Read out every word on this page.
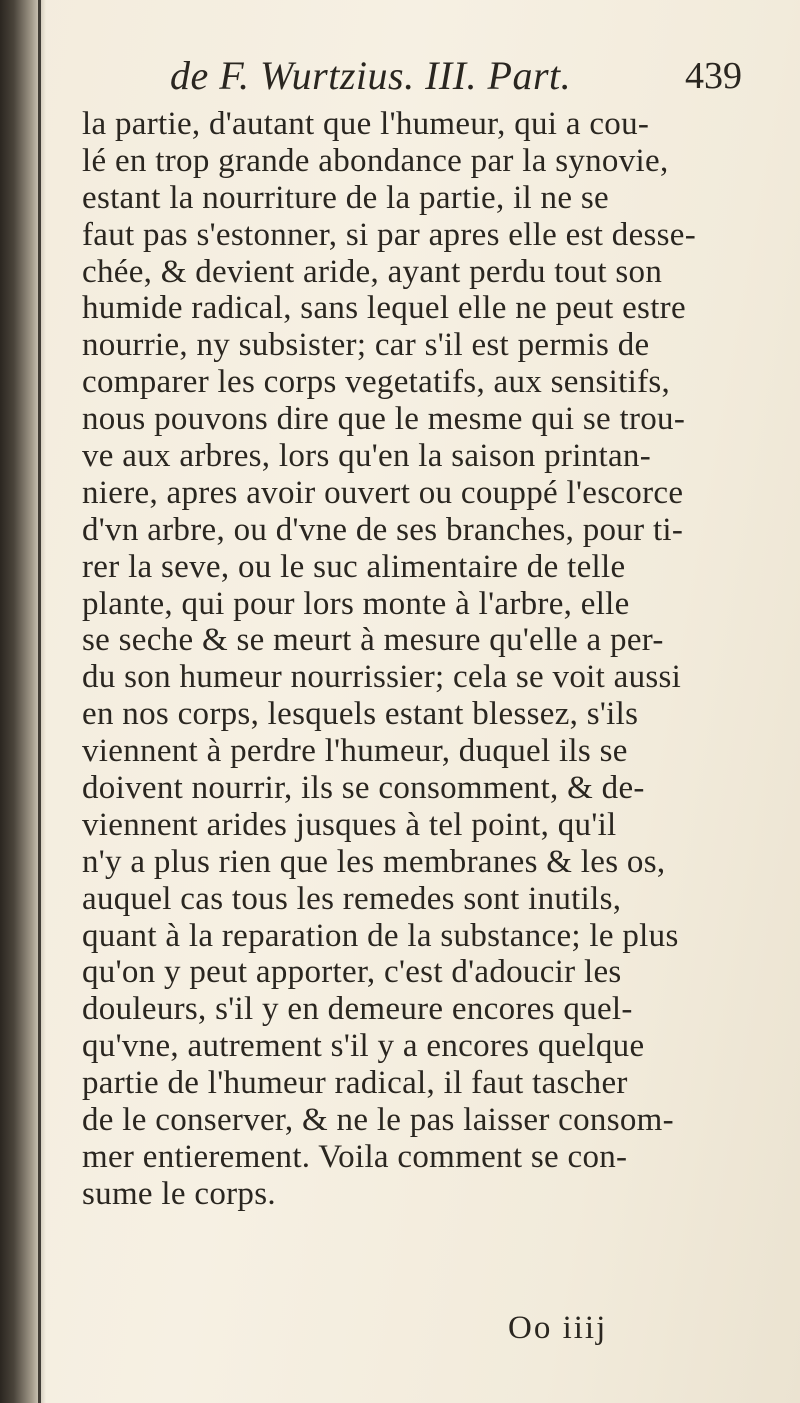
de F. Wurtzius. III. Part.	439
la partie, d'autant que l'humeur, qui a cou-
lé en trop grande abondance par la synovie,
estant la nourriture de la partie, il ne se
faut pas s'estonner, si par apres elle est desse-
chée, & devient aride, ayant perdu tout son
humide radical, sans lequel elle ne peut estre
nourrie, ny subsister; car s'il est permis de
comparer les corps vegetatifs, aux sensitifs,
nous pouvons dire que le mesme qui se trou-
ve aux arbres, lors qu'en la saison printan-
niere, apres avoir ouvert ou couppé l'escorce
d'vn arbre, ou d'vne de ses branches, pour ti-
rer la seve, ou le suc alimentaire de telle
plante, qui pour lors monte à l'arbre, elle
se seche & se meurt à mesure qu'elle a per-
du son humeur nourrissier; cela se voit aussi
en nos corps, lesquels estant blessez, s'ils
viennent à perdre l'humeur, duquel ils se
doivent nourrir, ils se consomment, & de-
viennent arides jusques à tel point, qu'il
n'y a plus rien que les membranes & les os,
auquel cas tous les remedes sont inutils,
quant à la reparation de la substance; le plus
qu'on y peut apporter, c'est d'adoucir les
douleurs, s'il y en demeure encores quel-
qu'vne, autrement s'il y a encores quelque
partie de l'humeur radical, il faut tascher
de le conserver, & ne le pas laisser consom-
mer entierement. Voila comment se con-
sume le corps.
Oo iiij
